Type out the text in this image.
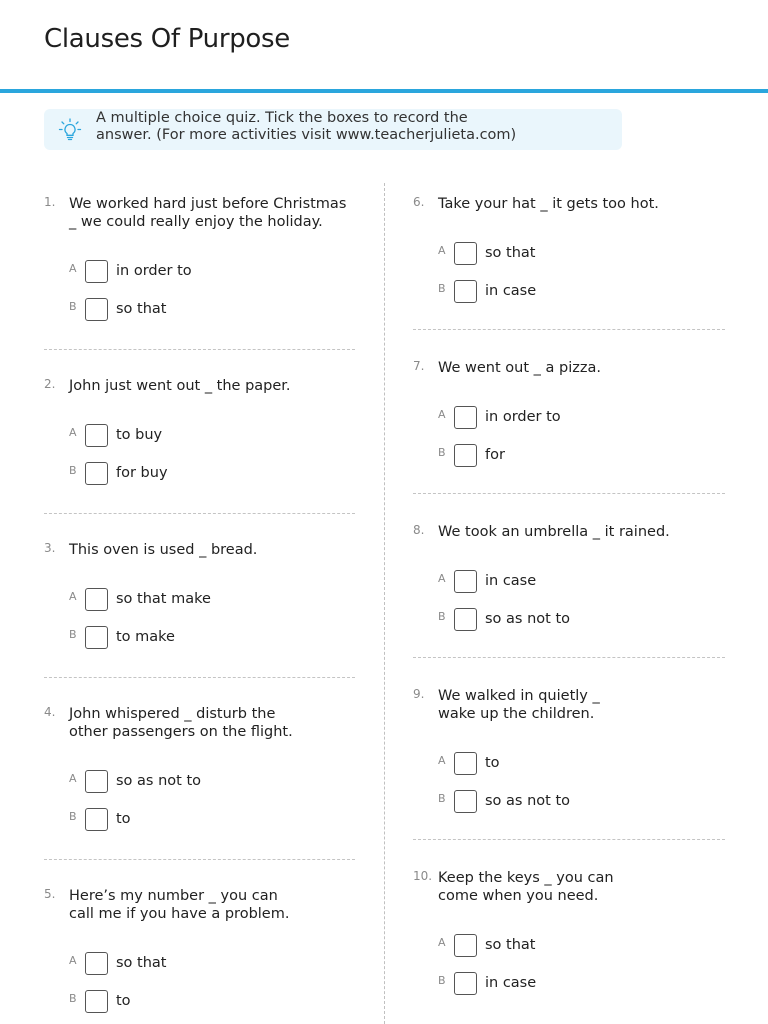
Clauses Of Purpose

A multiple choice quiz. Tick the boxes to record the
answer. (For more activities visit www.teacherjulieta.com)

1. We worked hard just before Christmas
_ we could really enjoy the holiday.

A	in order to
B	so that
2. John just went out _ the paper.

A	to buy
B	for buy
3. This oven is used _ bread.

A	so that make
B	to make
4. John whispered _ disturb the
other passengers on the flight.

A	so as not to
B	to
5. Here’s my number _ you can
call me if you have a problem.

A	so that
B	to
6. Take your hat _ it gets too hot.

A	so that
B	in case
7. We went out _ a pizza.

A	in order to
B	for
8. We took an umbrella _ it rained.

A	in case
B	so as not to
9. We walked in quietly _
wake up the children.

A	to
B	so as not to
10. Keep the keys _ you can
come when you need.

A	so that
B	in case
